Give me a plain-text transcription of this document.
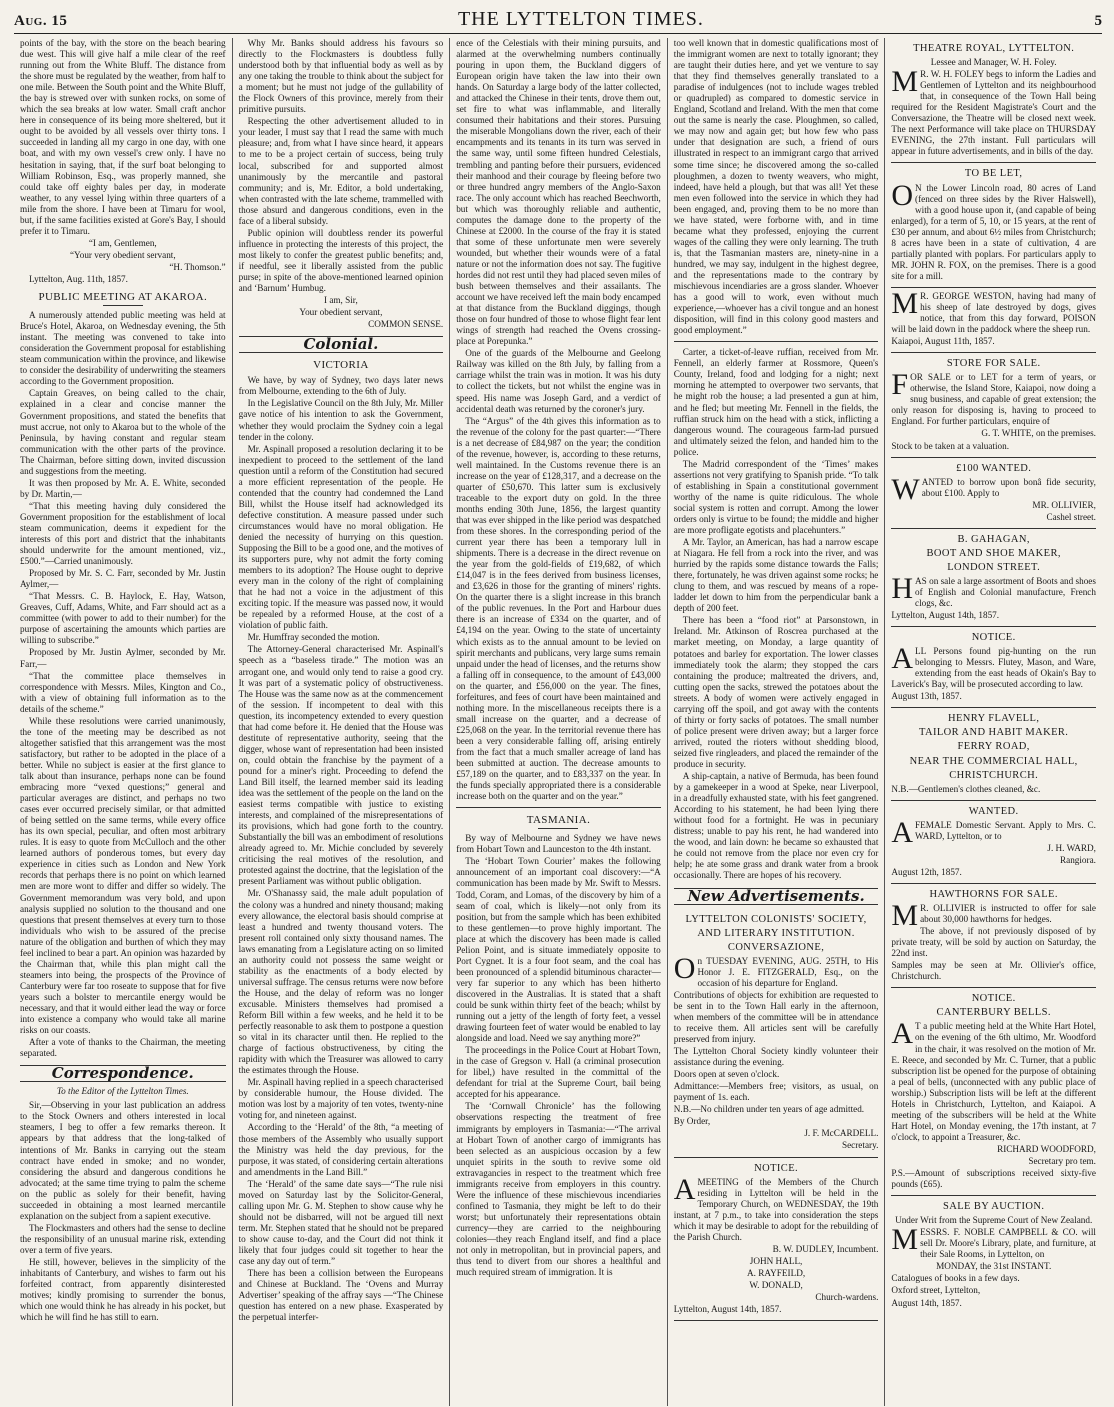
Aug. 15	THE LYTTELTON TIMES.	5

points of the bay, with the store on the beach bearing due west. This will give half a mile clear of the reef running out from the White Bluff. The distance from the shore must be regulated by the weather, from half to one mile. Between the South point and the White Bluff, the bay is strewed over with sunken rocks, on some of which the sea breaks at low water. Small craft anchor here in consequence of its being more sheltered, but it ought to be avoided by all vessels over thirty tons. I succeeded in landing all my cargo in one day, with one boat, and with my own vessel's crew only. I have no hesitation in saying, that, if the surf boat belonging to William Robinson, Esq., was properly manned, she could take off eighty bales per day, in moderate weather, to any vessel lying within three quarters of a mile from the shore. I have been at Timaru for wool, but, if the same facilities existed at Gore's Bay, I should prefer it to Timaru.

“I am, Gentlemen,

“Your very obedient servant,

“H. Thomson.”

Lyttelton, Aug. 11th, 1857.

PUBLIC MEETING AT AKAROA.

A numerously attended public meeting was held at Bruce's Hotel, Akaroa, on Wednesday evening, the 5th instant. The meeting was convened to take into consideration the Government proposal for establishing steam communication within the province, and likewise to consider the desirability of underwriting the steamers according to the Government proposition.

Captain Greaves, on being called to the chair, explained in a clear and concise manner the Government propositions, and stated the benefits that must accrue, not only to Akaroa but to the whole of the Peninsula, by having constant and regular steam communication with the other parts of the province. The Chairman, before sitting down, invited discussion and suggestions from the meeting.

It was then proposed by Mr. A. E. White, seconded by Dr. Martin,—

“That this meeting having duly considered the Government proposition for the establishment of local steam communication, deems it expedient for the interests of this port and district that the inhabitants should underwrite for the amount mentioned, viz., £500.”—Carried unanimously.

Proposed by Mr. S. C. Farr, seconded by Mr. Justin Aylmer,—

“That Messrs. C. B. Haylock, E. Hay, Watson, Greaves, Cuff, Adams, White, and Farr should act as a committee (with power to add to their number) for the purpose of ascertaining the amounts which parties are willing to subscribe.”

Proposed by Mr. Justin Aylmer, seconded by Mr. Farr,—

“That the committee place themselves in correspondence with Messrs. Miles, Kington and Co., with a view of obtaining full information as to the details of the scheme.”

While these resolutions were carried unanimously, the tone of the meeting may be described as not altogether satisfied that this arrangement was the most satisfactory, but rather to be adopted in the place of a better. While no subject is easier at the first glance to talk about than insurance, perhaps none can be found embracing more “vexed questions;” general and particular averages are distinct, and perhaps no two cases ever occurred precisely similar, or that admitted of being settled on the same terms, while every office has its own special, peculiar, and often most arbitrary rules. It is easy to quote from McCulloch and the other learned authors of ponderous tomes, but every day experience in cities such as London and New York records that perhaps there is no point on which learned men are more wont to differ and differ so widely. The Government memorandum was very bold, and upon analysis supplied no solution to the thousand and one questions that present themselves at every turn to those individuals who wish to be assured of the precise nature of the obligation and burthen of which they may feel inclined to bear a part. An opinion was hazarded by the Chairman that, while this plan might call the steamers into being, the prospects of the Province of Canterbury were far too roseate to suppose that for five years such a bolster to mercantile energy would be necessary, and that it would either lead the way or force into existence a company who would take all marine risks on our coasts.

After a vote of thanks to the Chairman, the meeting separated.

Correspondence.
To the Editor of the Lyttelton Times.

Sir,—Observing in your last publication an address to the Stock Owners and others interested in local steamers, I beg to offer a few remarks thereon. It appears by that address that the long-talked of intentions of Mr. Banks in carrying out the steam contract have ended in smoke; and no wonder, considering the absurd and dangerous conditions he advocated; at the same time trying to palm the scheme on the public as solely for their benefit, having succeeded in obtaining a most learned mercantile explanation on the subject from a sapient executive.

The Flockmasters and others had the sense to decline the responsibility of an unusual marine risk, extending over a term of five years.

He still, however, believes in the simplicity of the inhabitants of Canterbury, and wishes to farm out his forfeited contract, from apparently disinterested motives; kindly promising to surrender the bonus, which one would think he has already in his pocket, but which he will find he has still to earn.

Why Mr. Banks should address his favours so directly to the Flockmasters is doubtless fully understood both by that influential body as well as by any one taking the trouble to think about the subject for a moment; but he must not judge of the gullability of the Flock Owners of this province, merely from their primitive pursuits.

Respecting the other advertisement alluded to in your leader, I must say that I read the same with much pleasure; and, from what I have since heard, it appears to me to be a project certain of success, being truly local, subscribed for and supported almost unanimously by the mercantile and pastoral community; and is, Mr. Editor, a bold undertaking, when contrasted with the late scheme, trammelled with those absurd and dangerous conditions, even in the face of a liberal subsidy.

Public opinion will doubtless render its powerful influence in protecting the interests of this project, the most likely to confer the greatest public benefits; and, if needful, see it liberally assisted from the public purse; in spite of the above-mentioned learned opinion and ‘Barnum’ Humbug.

I am, Sir,

Your obedient servant,

COMMON SENSE.

Colonial.
VICTORIA

We have, by way of Sydney, two days later news from Melbourne, extending to the 6th of July.

In the Legislative Council on the 8th July, Mr. Miller gave notice of his intention to ask the Government, whether they would proclaim the Sydney coin a legal tender in the colony.

Mr. Aspinall proposed a resolution declaring it to be inexpedient to proceed to the settlement of the land question until a reform of the Constitution had secured a more efficient representation of the people. He contended that the country had condemned the Land Bill, whilst the House itself had acknowledged its defective constitution. A measure passed under such circumstances would have no moral obligation. He denied the necessity of hurrying on this question. Supposing the Bill to be a good one, and the motives of its supporters pure, why not admit the forty coming members to its adoption? The House ought to deprive every man in the colony of the right of complaining that he had not a voice in the adjustment of this exciting topic. If the measure was passed now, it would be repealed by a reformed House, at the cost of a violation of public faith.

Mr. Humffray seconded the motion.

The Attorney-General characterised Mr. Aspinall's speech as a “baseless tirade.” The motion was an arrogant one, and would only tend to raise a good cry. It was part of a systematic policy of obstructiveness. The House was the same now as at the commencement of the session. If incompetent to deal with this question, its incompetency extended to every question that had come before it. He denied that the House was destitute of representative authority, seeing that the digger, whose want of representation had been insisted on, could obtain the franchise by the payment of a pound for a miner's right. Proceeding to defend the Land Bill itself, the learned member said its leading idea was the settlement of the people on the land on the easiest terms compatible with justice to existing interests, and complained of the misrepresentations of its provisions, which had gone forth to the country. Substantially the bill was an embodiment of resolutions already agreed to. Mr. Michie concluded by severely criticising the real motives of the resolution, and protested against the doctrine, that the legislation of the present Parliament was without public obligation.

Mr. O'Shanassy said, the male adult population of the colony was a hundred and ninety thousand; making every allowance, the electoral basis should comprise at least a hundred and twenty thousand voters. The present roll contained only sixty thousand names. The laws emanating from a Legislature acting on so limited an authority could not possess the same weight or stability as the enactments of a body elected by universal suffrage. The census returns were now before the House, and the delay of reform was no longer excusable. Ministers themselves had promised a Reform Bill within a few weeks, and he held it to be perfectly reasonable to ask them to postpone a question so vital in its character until then. He replied to the charge of factious obstructiveness, by citing the rapidity with which the Treasurer was allowed to carry the estimates through the House.

Mr. Aspinall having replied in a speech characterised by considerable humour, the House divided. The motion was lost by a majority of ten votes, twenty-nine voting for, and nineteen against.

According to the ‘Herald’ of the 8th, “a meeting of those members of the Assembly who usually support the Ministry was held the day previous, for the purpose, it was stated, of considering certain alterations and amendments in the Land Bill.”

The ‘Herald’ of the same date says—“The rule nisi moved on Saturday last by the Solicitor-General, calling upon Mr. G. M. Stephen to show cause why he should not be disbarred, will not be argued till next term. Mr. Stephen stated that he should not be prepared to show cause to-day, and the Court did not think it likely that four judges could sit together to hear the case any day out of term.”

There has been a collision between the Europeans and Chinese at Buckland. The ‘Ovens and Murray Advertiser’ speaking of the affray says —“The Chinese question has entered on a new phase. Exasperated by the perpetual interfer-

ence of the Celestials with their mining pursuits, and alarmed at the overwhelming numbers continually pouring in upon them, the Buckland diggers of European origin have taken the law into their own hands. On Saturday a large body of the latter collected, and attacked the Chinese in their tents, drove them out, set fire to what was inflammable, and literally consumed their habitations and their stores. Pursuing the miserable Mongolians down the river, each of their encampments and its tenants in its turn was served in the same way, until some fifteen hundred Celestials, trembling and panting before their pursuers, evidenced their manhood and their courage by fleeing before two or three hundred angry members of the Anglo-Saxon race. The only account which has reached Beechworth, but which was thoroughly reliable and authentic, computes the damage done to the property of the Chinese at £2000. In the course of the fray it is stated that some of these unfortunate men were severely wounded, but whether their wounds were of a fatal nature or not the information does not say. The fugitive hordes did not rest until they had placed seven miles of bush between themselves and their assailants. The account we have received left the main body encamped at that distance from the Buckland diggings, though those on four hundred of those to whose flight fear lent wings of strength had reached the Ovens crossing-place at Porepunka.”

One of the guards of the Melbourne and Geelong Railway was killed on the 8th July, by falling from a carriage whilst the train was in motion. It was his duty to collect the tickets, but not whilst the engine was in speed. His name was Joseph Gard, and a verdict of accidental death was returned by the coroner's jury.

The “Argus” of the 4th gives this information as to the revenue of the colony for the past quarter:—“There is a net decrease of £84,987 on the year; the condition of the revenue, however, is, according to these returns, well maintained. In the Customs revenue there is an increase on the year of £128,317, and a decrease on the quarter of £50,670. This latter sum is exclusively traceable to the export duty on gold. In the three months ending 30th June, 1856, the largest quantity that was ever shipped in the like period was despatched from these shores. In the corresponding period of the current year there has been a temporary lull in shipments. There is a decrease in the direct revenue on the year from the gold-fields of £19,682, of which £14,047 is in the fees derived from business licenses, and £3,626 in those for the granting of miners' rights. On the quarter there is a slight increase in this branch of the public revenues. In the Port and Harbour dues there is an increase of £334 on the quarter, and of £4,194 on the year. Owing to the state of uncertainty which exists as to the annual amount to be levied on spirit merchants and publicans, very large sums remain unpaid under the head of licenses, and the returns show a falling off in consequence, to the amount of £43,000 on the quarter, and £56,000 on the year. The fines, forfeitures, and fees of court have been maintained and nothing more. In the miscellaneous receipts there is a small increase on the quarter, and a decrease of £25,068 on the year. In the territorial revenue there has been a very considerable falling off, arising entirely from the fact that a much smaller acreage of land has been submitted at auction. The decrease amounts to £57,189 on the quarter, and to £83,337 on the year. In the funds specially appropriated there is a considerable increase both on the quarter and on the year.”

TASMANIA.

By way of Melbourne and Sydney we have news from Hobart Town and Launceston to the 4th instant.

The ‘Hobart Town Courier’ makes the following announcement of an important coal discovery:—“A communication has been made by Mr. Swift to Messrs. Todd, Coram, and Lomas, of the discovery by him of a seam of coal, which is likely—not only from its position, but from the sample which has been exhibited to these gentlemen—to prove highly important. The place at which the discovery has been made is called Pelion Point, and is situate immediately opposite to Port Cygnet. It is a four foot seam, and the coal has been pronounced of a splendid bituminous character—very far superior to any which has been hitherto discovered in the Australias. It is stated that a shaft could be sunk within thirty feet of the beach; whilst by running out a jetty of the length of forty feet, a vessel drawing fourteen feet of water would be enabled to lay alongside and load. Need we say anything more?”

The proceedings in the Police Court at Hobart Town, in the case of Gregson v. Hall (a criminal prosecution for libel,) have resulted in the committal of the defendant for trial at the Supreme Court, bail being accepted for his appearance.

The ‘Cornwall Chronicle’ has the following observations respecting the treatment of free immigrants by employers in Tasmania:—“The arrival at Hobart Town of another cargo of immigrants has been selected as an auspicious occasion by a few unquiet spirits in the south to revive some old extravagancies in respect to the treatment which free immigrants receive from employers in this country. Were the influence of these mischievous incendiaries confined to Tasmania, they might be left to do their worst; but unfortunately their representations obtain currency—they are carried to the neighbouring colonies—they reach England itself, and find a place not only in metropolitan, but in provincial papers, and thus tend to divert from our shores a healthful and much required stream of immigration. It is

too well known that in domestic qualifications most of the immigrant women are next to totally ignorant; they are taught their duties here, and yet we venture to say that they find themselves generally translated to a paradise of indulgences (not to include wages trebled or quadrupled) as compared to domestic service in England, Scotland and Ireland. With the men that come out the same is nearly the case. Ploughmen, so called, we may now and again get; but how few who pass under that designation are such, a friend of ours illustrated in respect to an immigrant cargo that arrived some time since; he discovered among the so-called ploughmen, a dozen to twenty weavers, who might, indeed, have held a plough, but that was all! Yet these men even followed into the service in which they had been engaged, and, proving them to be no more than we have stated, were forborne with, and in time became what they professed, enjoying the current wages of the calling they were only learning. The truth is, that the Tasmanian masters are, ninety-nine in a hundred, we may say, indulgent in the highest degree, and the representations made to the contrary by mischievous incendiaries are a gross slander. Whoever has a good will to work, even without much experience,—whoever has a civil tongue and an honest disposition, will find in this colony good masters and good employment.”

Carter, a ticket-of-leave ruffian, received from Mr. Fennell, an elderly farmer at Rossmore, Queen's County, Ireland, food and lodging for a night; next morning he attempted to overpower two servants, that he might rob the house; a lad presented a gun at him, and he fled; but meeting Mr. Fennell in the fields, the ruffian struck him on the head with a stick, inflicting a dangerous wound. The courageous farm-lad pursued and ultimately seized the felon, and handed him to the police.

The Madrid correspondent of the ‘Times’ makes assertions not very gratifying to Spanish pride. “To talk of establishing in Spain a constitutional government worthy of the name is quite ridiculous. The whole social system is rotten and corrupt. Among the lower orders only is virtue to be found; the middle and higher are more profligate egotists and placehunters.”

A Mr. Taylor, an American, has had a narrow escape at Niagara. He fell from a rock into the river, and was hurried by the rapids some distance towards the Falls; there, fortunately, he was driven against some rocks; he clung to them, and was rescued by means of a rope-ladder let down to him from the perpendicular bank a depth of 200 feet.

There has been a “food riot” at Parsonstown, in Ireland. Mr. Atkinson of Roscrea purchased at the market meeting, on Monday, a large quantity of potatoes and barley for exportation. The lower classes immediately took the alarm; they stopped the cars containing the produce; maltreated the drivers, and, cutting open the sacks, strewed the potatoes about the streets. A body of women were actively engaged in carrying off the spoil, and got away with the contents of thirty or forty sacks of potatoes. The small number of police present were driven away; but a larger force arrived, routed the rioters without shedding blood, seized five ringleaders, and placed the remainder of the produce in security.

A ship-captain, a native of Bermuda, has been found by a gamekeeper in a wood at Speke, near Liverpool, in a dreadfully exhausted state, with his feet gangrened. According to his statement, he had been lying there without food for a fortnight. He was in pecuniary distress; unable to pay his rent, he had wandered into the wood, and lain down: he became so exhausted that he could not remove from the place nor even cry for help; he ate some grass and drank water from a brook occasionally. There are hopes of his recovery.

New Advertisements.
LYTTELTON COLONISTS' SOCIETY,
AND LITERARY INSTITUTION.
CONVERSAZIONE,

On TUESDAY EVENING, AUG. 25TH, to His Honor J. E. FITZGERALD, Esq., on the occasion of his departure for England.

Contributions of objects for exhibition are requested to be sent in to the Town Hall early in the afternoon, when members of the committee will be in attendance to receive them. All articles sent will be carefully preserved from injury.

The Lyttelton Choral Society kindly volunteer their assistance during the evening.

Doors open at seven o'clock.

Admittance:—Members free; visitors, as usual, on payment of 1s. each.

N.B.—No children under ten years of age admitted.

By Order,

J. F. McCARDELL.

Secretary.

NOTICE.

AMEETING of the Members of the Church residing in Lyttelton will be held in the Temporary Church, on WEDNESDAY, the 19th instant, at 7 p.m., to take into consideration the steps which it may be desirable to adopt for the rebuilding of the Parish Church.

B. W. DUDLEY, Incumbent.

JOHN HALL,

A. RAYFEILD,

W. DONALD,

Church-wardens.

Lyttelton, August 14th, 1857.

THEATRE ROYAL, LYTTELTON.

Lessee and Manager, W. H. Foley.

MR. W. H. FOLEY begs to inform the Ladies and Gentlemen of Lyttelton and its neighbourhood that, in consequence of the Town Hall being required for the Resident Magistrate's Court and the Conversazione, the Theatre will be closed next week. The next Performance will take place on THURSDAY EVENING, the 27th instant. Full particulars will appear in future advertisements, and in bills of the day.

TO BE LET,

ON the Lower Lincoln road, 80 acres of Land (fenced on three sides by the River Halswell), with a good house upon it, (and capable of being enlarged), for a term of 5, 10, or 15 years, at the rent of £30 per annum, and about 6½ miles from Christchurch; 8 acres have been in a state of cultivation, 4 are partially planted with poplars. For particulars apply to MR. JOHN R. FOX, on the premises. There is a good site for a mill.

MR. GEORGE WESTON, having had many of his sheep of late destroyed by dogs, gives notice, that from this day forward, POISON will be laid down in the paddock where the sheep run.

Kaiapoi, August 11th, 1857.

STORE FOR SALE.

FOR SALE or to LET for a term of years, or otherwise, the Island Store, Kaiapoi, now doing a snug business, and capable of great extension; the only reason for disposing is, having to proceed to England. For further particulars, enquire of

G. T. WHITE, on the premises.

Stock to be taken at a valuation.

£100 WANTED.

WANTED to borrow upon bonâ fide security, about £100. Apply to

MR. OLLIVIER,

Cashel street.

B. GAHAGAN,
BOOT AND SHOE MAKER,
LONDON STREET.

HAS on sale a large assortment of Boots and shoes of English and Colonial manufacture, French clogs, &c.

Lyttelton, August 14th, 1857.

NOTICE.

ALL Persons found pig-hunting on the run belonging to Messrs. Flutey, Mason, and Ware, extending from the east heads of Okain's Bay to Laverick's Bay, will be prosecuted according to law.

August 13th, 1857.

HENRY FLAVELL,
TAILOR AND HABIT MAKER.
FERRY ROAD,
NEAR THE COMMERCIAL HALL,
CHRISTCHURCH.

N.B.—Gentlemen's clothes cleaned, &c.

WANTED.

AFEMALE Domestic Servant. Apply to Mrs. C. WARD, Lyttelton, or to

J. H. WARD,

Rangiora.

August 12th, 1857.

HAWTHORNS FOR SALE.

MR. OLLIVIER is instructed to offer for sale about 30,000 hawthorns for hedges.

The above, if not previously disposed of by private treaty, will be sold by auction on Saturday, the 22nd inst.

Samples may be seen at Mr. Ollivier's office, Christchurch.

NOTICE.
CANTERBURY BELLS.

AT a public meeting held at the White Hart Hotel, on the evening of the 6th ultimo, Mr. Woodford in the chair, it was resolved on the motion of Mr. E. Reece, and seconded by Mr. C. Turner, that a public subscription list be opened for the purpose of obtaining a peal of bells, (unconnected with any public place of worship.) Subscription lists will be left at the different Hotels in Christchurch, Lyttelton, and Kaiapoi. A meeting of the subscribers will be held at the White Hart Hotel, on Monday evening, the 17th instant, at 7 o'clock, to appoint a Treasurer, &c.

RICHARD WOODFORD,

Secretary pro tem.

P.S.—Amount of subscriptions received sixty-five pounds (£65).

SALE BY AUCTION.

Under Writ from the Supreme Court of New Zealand.

MESSRS. F. NOBLE CAMPBELL & CO. will sell Dr. Moore's Library, plate, and furniture, at their Sale Rooms, in Lyttelton, on

MONDAY, the 31st INSTANT.

Catalogues of books in a few days.

Oxford street, Lyttelton,

August 14th, 1857.
